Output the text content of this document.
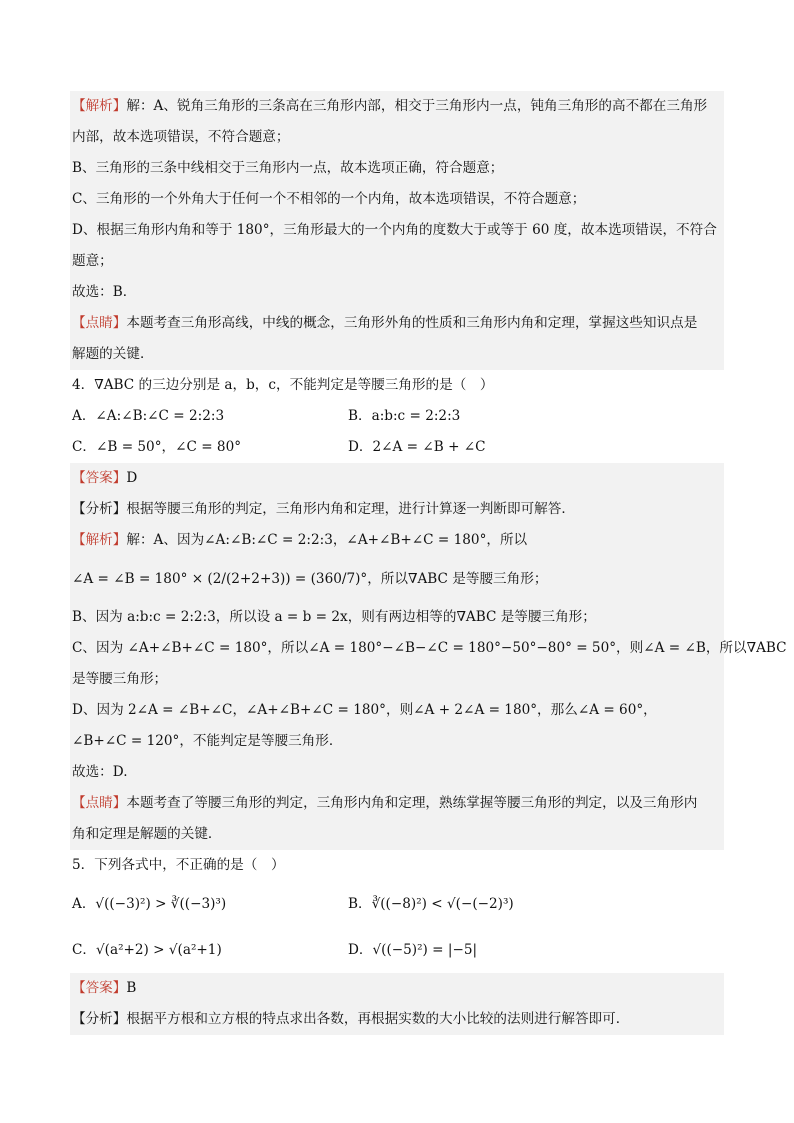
【解析】解：A、锐角三角形的三条高在三角形内部，相交于三角形内一点，钝角三角形的高不都在三角形
内部，故本选项错误，不符合题意；
B、三角形的三条中线相交于三角形内一点，故本选项正确，符合题意；
C、三角形的一个外角大于任何一个不相邻的一个内角，故本选项错误，不符合题意；
D、根据三角形内角和等于 180°，三角形最大的一个内角的度数大于或等于 60 度，故本选项错误，不符合
题意；
故选：B．
【点睛】本题考查三角形高线，中线的概念，三角形外角的性质和三角形内角和定理，掌握这些知识点是
解题的关键．
4．∇ABC 的三边分别是 a，b，c，不能判定是等腰三角形的是（　）
A．∠A:∠B:∠C = 2:2:3	B．a:b:c = 2:2:3
C．∠B = 50°，∠C = 80°	D．2∠A = ∠B + ∠C
【答案】D
【分析】根据等腰三角形的判定，三角形内角和定理，进行计算逐一判断即可解答．
【解析】解：A、因为∠A:∠B:∠C = 2:2:3，∠A+∠B+∠C = 180°，所以
∠A = ∠B = 180° × (2/(2+2+3)) = (360/7)°，所以∇ABC 是等腰三角形；
B、因为 a:b:c = 2:2:3，所以设 a = b = 2x，则有两边相等的∇ABC 是等腰三角形；
C、因为 ∠A+∠B+∠C = 180°，所以∠A = 180°−∠B−∠C = 180°−50°−80° = 50°，则∠A = ∠B，所以∇ABC
是等腰三角形；
D、因为 2∠A = ∠B+∠C，∠A+∠B+∠C = 180°，则∠A + 2∠A = 180°，那么∠A = 60°，
∠B+∠C = 120°，不能判定是等腰三角形．
故选：D.
【点睛】本题考查了等腰三角形的判定，三角形内角和定理，熟练掌握等腰三角形的判定，以及三角形内
角和定理是解题的关键．
5．下列各式中，不正确的是（　）
A．√((−3)²) > ∛((−3)³)	B．∛((−8)²) < √(−(−2)³)
C．√(a²+2) > √(a²+1)	D．√((−5)²) = |−5|
【答案】B
【分析】根据平方根和立方根的特点求出各数，再根据实数的大小比较的法则进行解答即可．
